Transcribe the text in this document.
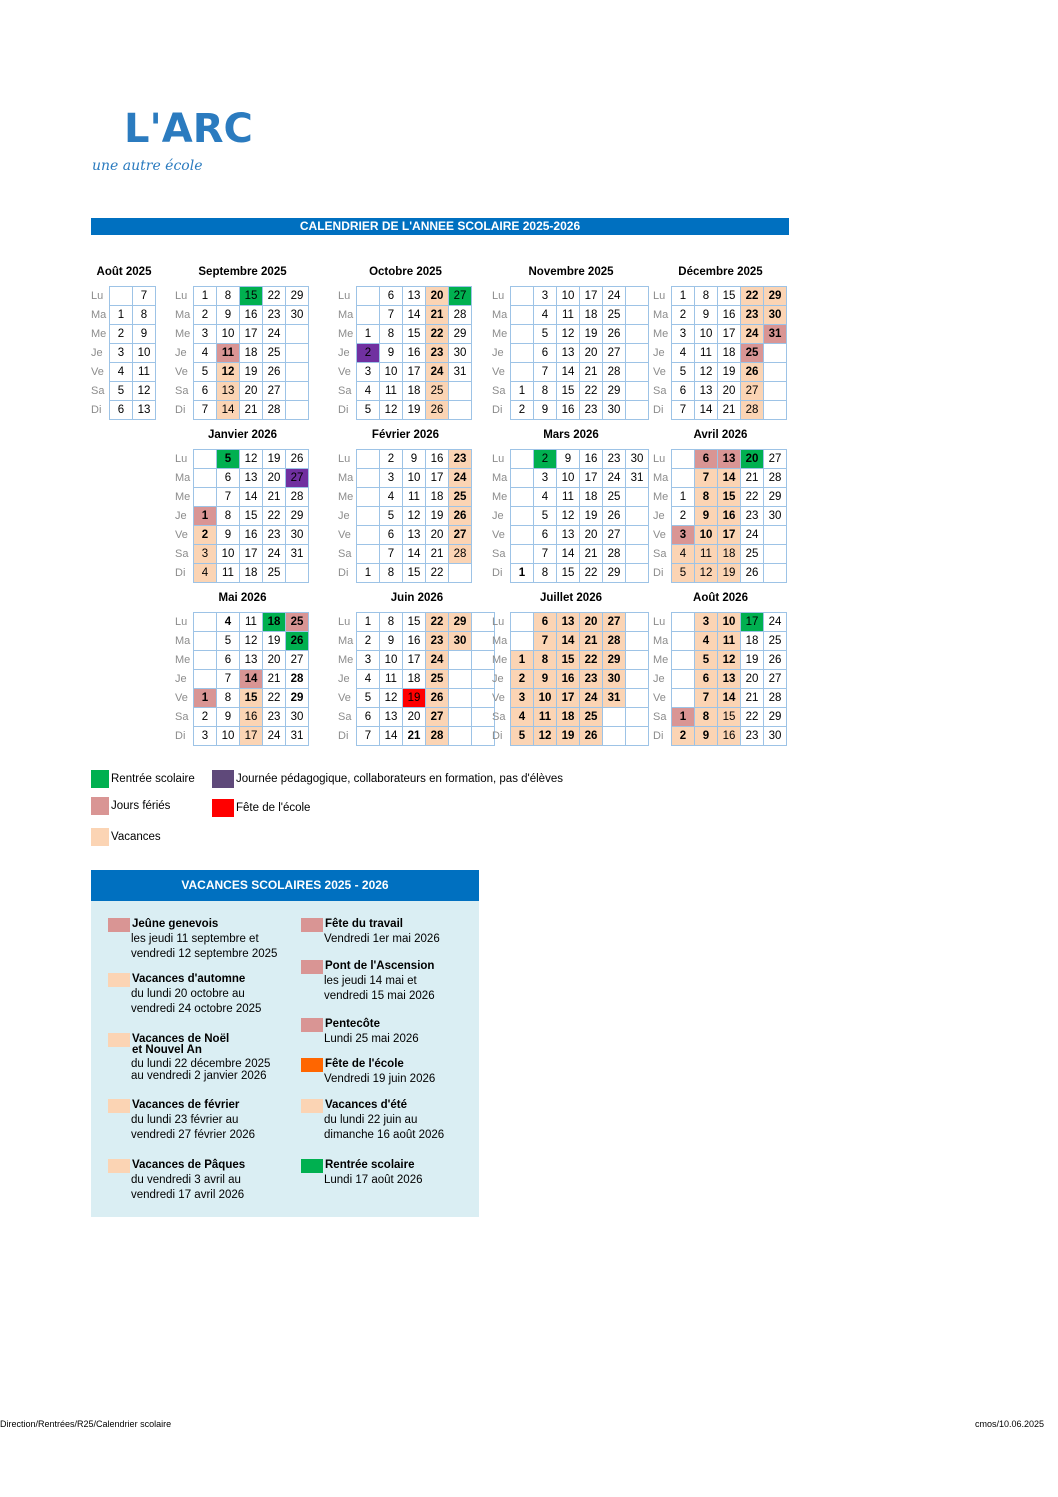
L'ARC
une autre école
CALENDRIER DE L'ANNEE SCOLAIRE 2025-2026
Août 2025
Lu		7
Ma	1	8
Me	2	9
Je	3	10
Ve	4	11
Sa	5	12
Di	6	13
Septembre 2025
Lu	1	8	15	22	29
Ma	2	9	16	23	30
Me	3	10	17	24	
Je	4	11	18	25	
Ve	5	12	19	26	
Sa	6	13	20	27	
Di	7	14	21	28	
Octobre 2025
Lu		6	13	20	27
Ma		7	14	21	28
Me	1	8	15	22	29
Je	2	9	16	23	30
Ve	3	10	17	24	31
Sa	4	11	18	25	
Di	5	12	19	26	
Novembre 2025
Lu		3	10	17	24	
Ma		4	11	18	25	
Me		5	12	19	26	
Je		6	13	20	27	
Ve		7	14	21	28	
Sa	1	8	15	22	29	
Di	2	9	16	23	30	
Décembre 2025
Lu	1	8	15	22	29
Ma	2	9	16	23	30
Me	3	10	17	24	31
Je	4	11	18	25	
Ve	5	12	19	26	
Sa	6	13	20	27	
Di	7	14	21	28	
Janvier 2026
Lu		5	12	19	26
Ma		6	13	20	27
Me		7	14	21	28
Je	1	8	15	22	29
Ve	2	9	16	23	30
Sa	3	10	17	24	31
Di	4	11	18	25	
Février 2026
Lu		2	9	16	23
Ma		3	10	17	24
Me		4	11	18	25
Je		5	12	19	26
Ve		6	13	20	27
Sa		7	14	21	28
Di	1	8	15	22	
Mars 2026
Lu		2	9	16	23	30
Ma		3	10	17	24	31
Me		4	11	18	25	
Je		5	12	19	26	
Ve		6	13	20	27	
Sa		7	14	21	28	
Di	1	8	15	22	29	
Avril 2026
Lu		6	13	20	27
Ma		7	14	21	28
Me	1	8	15	22	29
Je	2	9	16	23	30
Ve	3	10	17	24	
Sa	4	11	18	25	
Di	5	12	19	26	
Mai 2026
Lu		4	11	18	25
Ma		5	12	19	26
Me		6	13	20	27
Je		7	14	21	28
Ve	1	8	15	22	29
Sa	2	9	16	23	30
Di	3	10	17	24	31
Juin 2026
Lu	1	8	15	22	29	
Ma	2	9	16	23	30	
Me	3	10	17	24		
Je	4	11	18	25		
Ve	5	12	19	26		
Sa	6	13	20	27		
Di	7	14	21	28		
Juillet 2026
Lu		6	13	20	27	
Ma		7	14	21	28	
Me	1	8	15	22	29	
Je	2	9	16	23	30	
Ve	3	10	17	24	31	
Sa	4	11	18	25		
Di	5	12	19	26		
Août 2026
Lu		3	10	17	24
Ma		4	11	18	25
Me		5	12	19	26
Je		6	13	20	27
Ve		7	14	21	28
Sa	1	8	15	22	29
Di	2	9	16	23	30
Rentrée scolaire	Journée pédagogique, collaborateurs en formation, pas d'élèves
Jours fériés	Fête de l'école
Vacances
VACANCES SCOLAIRES 2025 - 2026
Jeûne genevois
les jeudi 11 septembre et
vendredi 12 septembre 2025
Vacances d'automne
du lundi 20 octobre au
vendredi 24 octobre 2025
Vacances de Noël
et Nouvel An
du lundi 22 décembre 2025
au vendredi 2 janvier 2026
Vacances de février
du lundi 23 février au
vendredi 27 février 2026
Vacances de Pâques
du vendredi 3 avril au
vendredi 17 avril 2026
Fête du travail
Vendredi 1er mai 2026
Pont de l'Ascension
les jeudi 14 mai et
vendredi 15 mai 2026
Pentecôte
Lundi 25 mai 2026
Fête de l'école
Vendredi 19 juin 2026
Vacances d'été
du lundi 22 juin au
dimanche 16 août 2026
Rentrée scolaire
Lundi 17 août 2026
Direction/Rentrées/R25/Calendrier scolaire	cmos/10.06.2025
